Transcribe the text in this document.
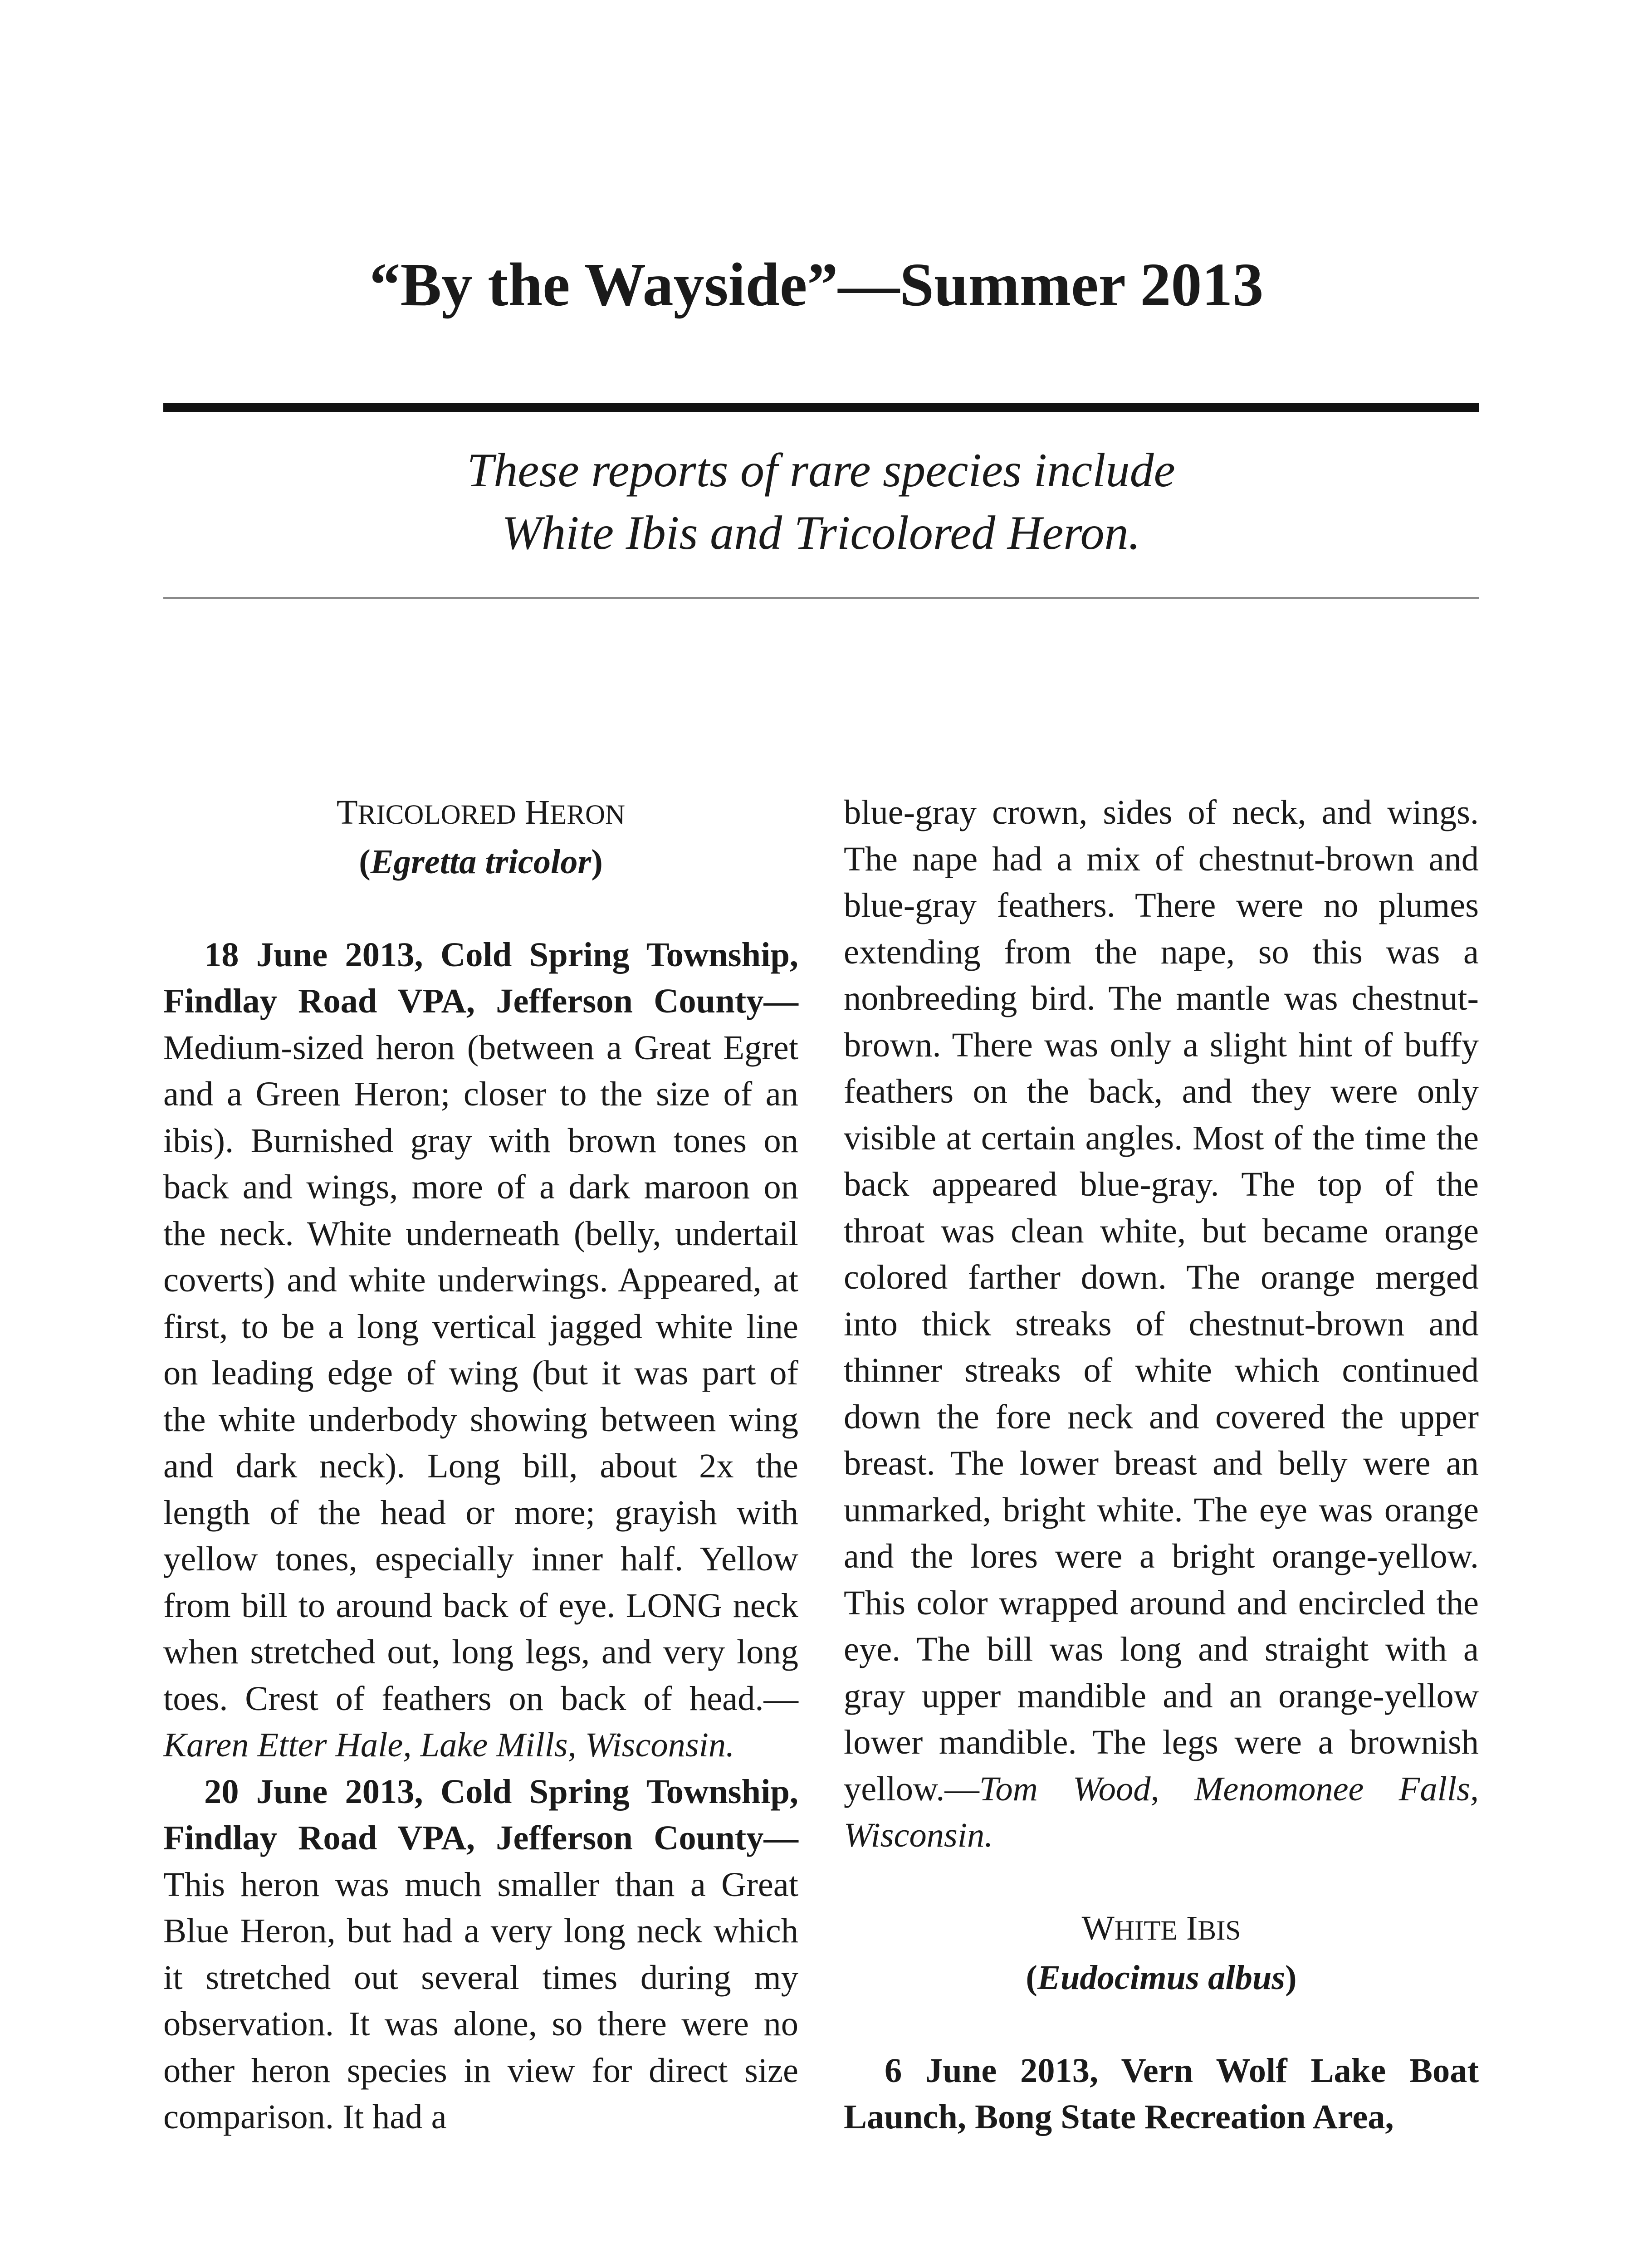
“By the Wayside”—Summer 2013
These reports of rare species include
White Ibis and Tricolored Heron.
TRICOLORED HERON
(Egretta tricolor)

18 June 2013, Cold Spring Township, Findlay Road VPA, Jefferson County—Medium-sized heron (between a Great Egret and a Green Heron; closer to the size of an ibis). Burnished gray with brown tones on back and wings, more of a dark maroon on the neck. White underneath (belly, undertail coverts) and white underwings. Appeared, at first, to be a long vertical jagged white line on leading edge of wing (but it was part of the white underbody showing between wing and dark neck). Long bill, about 2x the length of the head or more; grayish with yellow tones, especially inner half. Yellow from bill to around back of eye. LONG neck when stretched out, long legs, and very long toes. Crest of feathers on back of head.—Karen Etter Hale, Lake Mills, Wisconsin.

20 June 2013, Cold Spring Township, Findlay Road VPA, Jefferson County—This heron was much smaller than a Great Blue Heron, but had a very long neck which it stretched out several times during my observation. It was alone, so there were no other heron species in view for direct size comparison. It had a

blue-gray crown, sides of neck, and wings. The nape had a mix of chestnut-brown and blue-gray feathers. There were no plumes extending from the nape, so this was a nonbreeding bird. The mantle was chestnut-brown. There was only a slight hint of buffy feathers on the back, and they were only visible at certain angles. Most of the time the back appeared blue-gray. The top of the throat was clean white, but became orange colored farther down. The orange merged into thick streaks of chestnut-brown and thinner streaks of white which continued down the fore neck and covered the upper breast. The lower breast and belly were an unmarked, bright white. The eye was orange and the lores were a bright orange-yellow. This color wrapped around and encircled the eye. The bill was long and straight with a gray upper mandible and an orange-yellow lower mandible. The legs were a brownish yellow.—Tom Wood, Menomonee Falls, Wisconsin.

WHITE IBIS
(Eudocimus albus)

6 June 2013, Vern Wolf Lake Boat Launch, Bong State Recreation Area,
